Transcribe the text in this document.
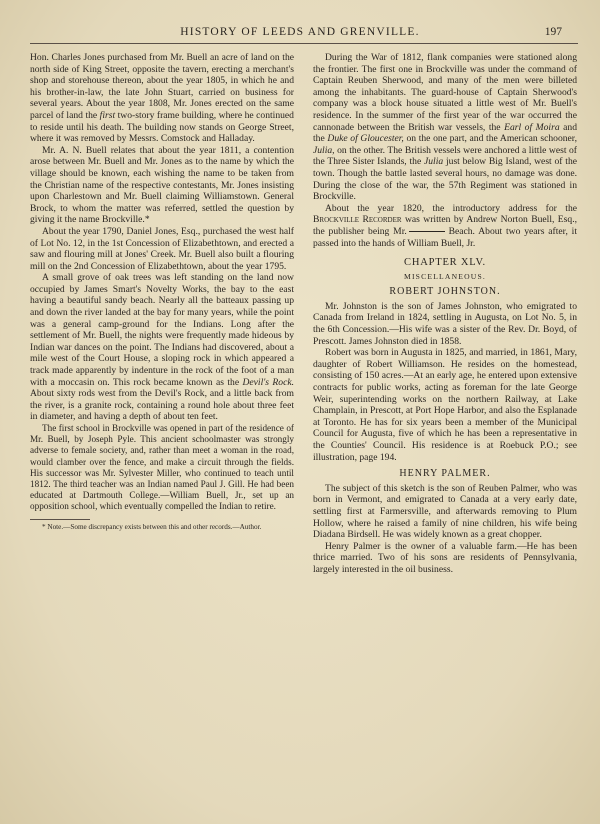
HISTORY OF LEEDS AND GRENVILLE.	197

Hon. Charles Jones purchased from Mr. Buell an acre of land on the north side of King Street, opposite the tavern, erecting a merchant's shop and storehouse thereon, about the year 1805, in which he and his brother-in-law, the late John Stuart, carried on business for several years. About the year 1808, Mr. Jones erected on the same parcel of land the first two-story frame building, where he continued to reside until his death. The building now stands on George Street, where it was removed by Messrs. Comstock and Halladay.

Mr. A. N. Buell relates that about the year 1811, a contention arose between Mr. Buell and Mr. Jones as to the name by which the village should be known, each wishing the name to be taken from the Christian name of the respective contestants, Mr. Jones insisting upon Charlestown and Mr. Buell claiming Williamstown. General Brock, to whom the matter was referred, settled the question by giving it the name Brockville.*

About the year 1790, Daniel Jones, Esq., purchased the west half of Lot No. 12, in the 1st Concession of Elizabethtown, and erected a saw and flouring mill at Jones' Creek. Mr. Buell also built a flouring mill on the 2nd Concession of Elizabethtown, about the year 1795.

A small grove of oak trees was left standing on the land now occupied by James Smart's Novelty Works, the bay to the east having a beautiful sandy beach. Nearly all the batteaux passing up and down the river landed at the bay for many years, while the point was a general camp-ground for the Indians. Long after the settlement of Mr. Buell, the nights were frequently made hideous by Indian war dances on the point. The Indians had discovered, about a mile west of the Court House, a sloping rock in which appeared a track made apparently by indenture in the rock of the foot of a man with a moccasin on. This rock became known as the Devil's Rock. About sixty rods west from the Devil's Rock, and a little back from the river, is a granite rock, containing a round hole about three feet in diameter, and having a depth of about ten feet.

The first school in Brockville was opened in part of the residence of Mr. Buell, by Joseph Pyle. This ancient schoolmaster was strongly adverse to female society, and, rather than meet a woman in the road, would clamber over the fence, and make a circuit through the fields. His successor was Mr. Sylvester Miller, who continued to teach until 1812. The third teacher was an Indian named Paul J. Gill. He had been educated at Dartmouth College.—William Buell, Jr., set up an opposition school, which eventually compelled the Indian to retire.

* Note.—Some discrepancy exists between this and other records.—Author.

During the War of 1812, flank companies were stationed along the frontier. The first one in Brockville was under the command of Captain Reuben Sherwood, and many of the men were billeted among the inhabitants. The guard-house of Captain Sherwood's company was a block house situated a little west of Mr. Buell's residence. In the summer of the first year of the war occurred the cannonade between the British war vessels, the Earl of Moira and the Duke of Gloucester, on the one part, and the American schooner, Julia, on the other. The British vessels were anchored a little west of the Three Sister Islands, the Julia just below Big Island, west of the town. Though the battle lasted several hours, no damage was done. During the close of the war, the 57th Regiment was stationed in Brockville.

About the year 1820, the introductory address for the Brockville Recorder was written by Andrew Norton Buell, Esq., the publisher being Mr.	Beach. About two years after, it passed into the hands of William Buell, Jr.

CHAPTER XLV.
MISCELLANEOUS.
ROBERT JOHNSTON.

Mr. Johnston is the son of James Johnston, who emigrated to Canada from Ireland in 1824, settling in Augusta, on Lot No. 5, in the 6th Concession.—His wife was a sister of the Rev. Dr. Boyd, of Prescott. James Johnston died in 1858.

Robert was born in Augusta in 1825, and married, in 1861, Mary, daughter of Robert Williamson. He resides on the homestead, consisting of 150 acres.—At an early age, he entered upon extensive contracts for public works, acting as foreman for the late George Weir, superintending works on the northern Railway, at Lake Champlain, in Prescott, at Port Hope Harbor, and also the Esplanade at Toronto. He has for six years been a member of the Municipal Council for Augusta, five of which he has been a representative in the Counties' Council. His residence is at Roebuck P.O.; see illustration, page 194.

HENRY PALMER.

The subject of this sketch is the son of Reuben Palmer, who was born in Vermont, and emigrated to Canada at a very early date, settling first at Farmersville, and afterwards removing to Plum Hollow, where he raised a family of nine children, his wife being Diadana Birdsell. He was widely known as a great chopper.

Henry Palmer is the owner of a valuable farm.—He has been thrice married. Two of his sons are residents of Pennsylvania, largely interested in the oil business.
